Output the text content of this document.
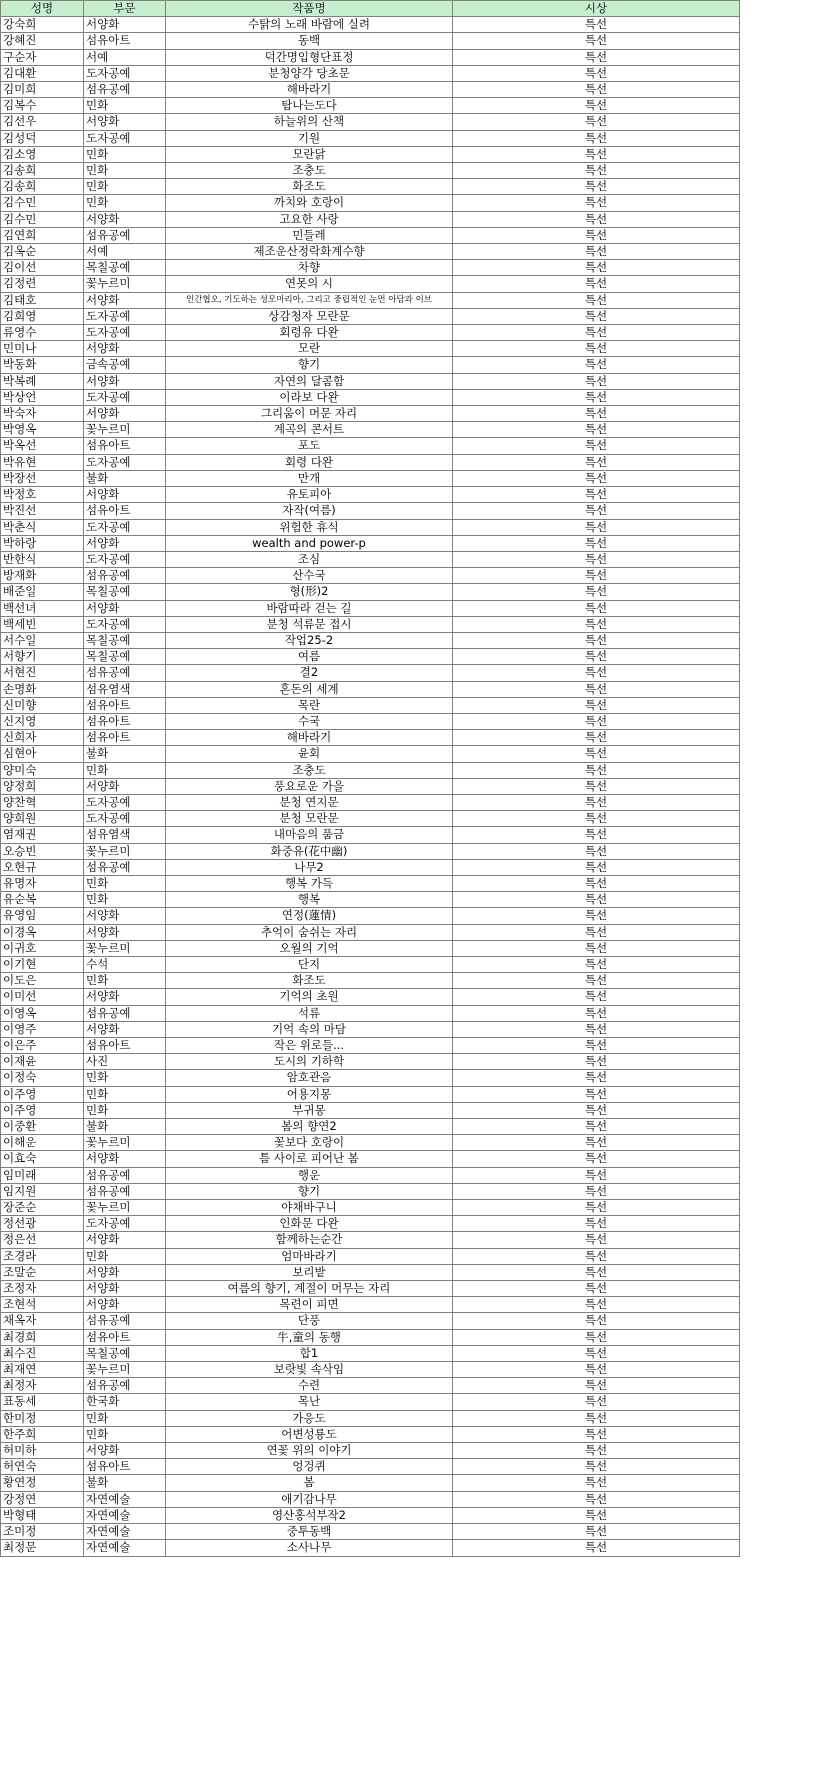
성명	부문	작품명	시상
강숙희	서양화	수탉의 노래 바람에 실려	특선
강혜진	섬유아트	동백	특선
구순자	서예	덕간명입형단표정	특선
김대환	도자공예	분청양각 당초문	특선
김미희	섬유공예	해바라기	특선
김복수	민화	탐나는도다	특선
김선우	서양화	하늘위의 산책	특선
김성덕	도자공예	기원	특선
김소영	민화	모란닭	특선
김송희	민화	조충도	특선
김송희	민화	화조도	특선
김수민	민화	까치와 호랑이	특선
김수민	서양화	고요한 사랑	특선
김연희	섬유공예	민들레	특선
김옥순	서예	제조운산정락화계수향	특선
김이선	목칠공예	차향	특선
김정련	꽃누르미	연못의 시	특선
김태호	서양화	인간협오, 기도하는 성모마리아, 그리고 중립적인 눈먼 아담과 이브	특선
김희영	도자공예	상감청자 모란문	특선
류영수	도자공예	회령유 다완	특선
민미나	서양화	모란	특선
박동화	금속공예	향기	특선
박복례	서양화	자연의 달콤함	특선
박상언	도자공예	이라보 다완	특선
박숙자	서양화	그리움이 머문 자리	특선
박영옥	꽃누르미	계곡의 콘서트	특선
박옥선	섬유아트	포도	특선
박유현	도자공예	회령 다완	특선
박장선	불화	만개	특선
박정호	서양화	유토피아	특선
박진선	섬유아트	자작(여름)	특선
박춘식	도자공예	위험한 휴식	특선
박하랑	서양화	wealth and power-p	특선
반한식	도자공예	조심	특선
방재화	섬유공예	산수국	특선
배준일	목칠공예	형(形)2	특선
백선녀	서양화	바람따라 걷는 길	특선
백세빈	도자공예	분청 석류문 접시	특선
서수일	목칠공예	작업25-2	특선
서향기	목칠공예	여름	특선
서현진	섬유공예	결2	특선
손명화	섬유염색	혼돈의 세계	특선
신미향	섬유아트	목란	특선
신지영	섬유아트	수국	특선
신희자	섬유아트	해바라기	특선
심현아	불화	윤회	특선
양미숙	민화	조충도	특선
양정희	서양화	풍요로운 가을	특선
양찬혁	도자공예	분청 연지문	특선
양희원	도자공예	분청 모란문	특선
염재권	섬유염색	내마음의 품금	특선
오승빈	꽃누르미	화중유(花中幽)	특선
오현규	섬유공예	나무2	특선
유명자	민화	행복 가득	특선
유순복	민화	행복	특선
유영임	서양화	연정(蓮情)	특선
이경옥	서양화	추억이 숨쉬는 자리	특선
이귀호	꽃누르미	오월의 기억	특선
이기현	수석	단지	특선
이도은	민화	화조도	특선
이미선	서양화	기억의 초원	특선
이영옥	섬유공예	석류	특선
이영주	서양화	기억 속의 마담	특선
이은주	섬유아트	작은 위로들...	특선
이재윤	사진	도시의 기하학	특선
이정숙	민화	암호관음	특선
이주영	민화	어용지몽	특선
이주영	민화	부귀몽	특선
이중환	불화	봄의 향연2	특선
이해운	꽃누르미	꽃보다 호랑이	특선
이효숙	서양화	틈 사이로 피어난 봄	특선
임미래	섬유공예	행운	특선
임지원	섬유공예	향기	특선
장준순	꽃누르미	야채바구니	특선
정선광	도자공예	인화문 다완	특선
정은선	서양화	함께하는순간	특선
조경라	민화	엄마바라기	특선
조말순	서양화	보리밭	특선
조정자	서양화	여름의 향기, 계절이 머무는 자리	특선
조현석	서양화	목련이 피면	특선
채옥자	섬유공예	단풍	특선
최경희	섬유아트	牛,童의 동행	특선
최수진	목칠공예	합1	특선
최재연	꽃누르미	보랏빛 속삭임	특선
최정자	섬유공예	수련	특선
표동세	한국화	목난	특선
한미정	민화	가응도	특선
한주희	민화	어변성룡도	특선
허미하	서양화	연꽃 위의 이야기	특선
허연숙	섬유아트	엉겅퀴	특선
황연정	불화	봄	특선
강정연	자연예술	애기감나무	특선
박형태	자연예술	영산홍석부작2	특선
조미정	자연예술	중투동백	특선
최정문	자연예술	소사나무	특선
